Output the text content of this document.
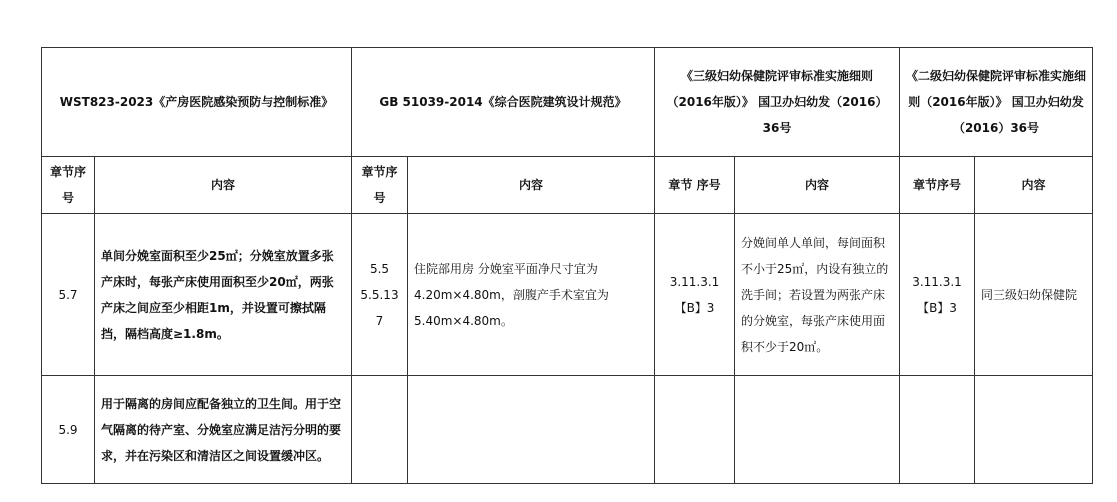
WST823-2023《产房医院感染预防与控制标准》		GB 51039-2014《综合医院建筑设计规范》		《三级妇幼保健院评审标准实施细则（2016年版）》 国卫办妇幼发（2016）36号		《二级妇幼保健院评审标准实施细则（2016年版）》 国卫办妇幼发（2016）36号	
章节序号	内容	章节序号	内容	章节 序号	内容	章节序号	内容
5.7	单间分娩室面积至少25㎡；分娩室放置多张产床时，每张产床使用面积至少20㎡，两张产床之间应至少相距1m，并设置可擦拭隔挡，隔档高度≥1.8m。	5.5 5.5.13 7	住院部用房 分娩室平面净尺寸宜为4.20m×4.80m，剖腹产手术室宜为5.40m×4.80m。	3.11.3.1 【B】3	分娩间单人单间，每间面积不小于25㎡，内设有独立的洗手间；若设置为两张产床的分娩室，每张产床使用面积不少于20㎡。	3.11.3.1 【B】3	同三级妇幼保健院
5.9	用于隔离的房间应配备独立的卫生间。用于空气隔离的待产室、分娩室应满足洁污分明的要求，并在污染区和清洁区之间设置缓冲区。						
